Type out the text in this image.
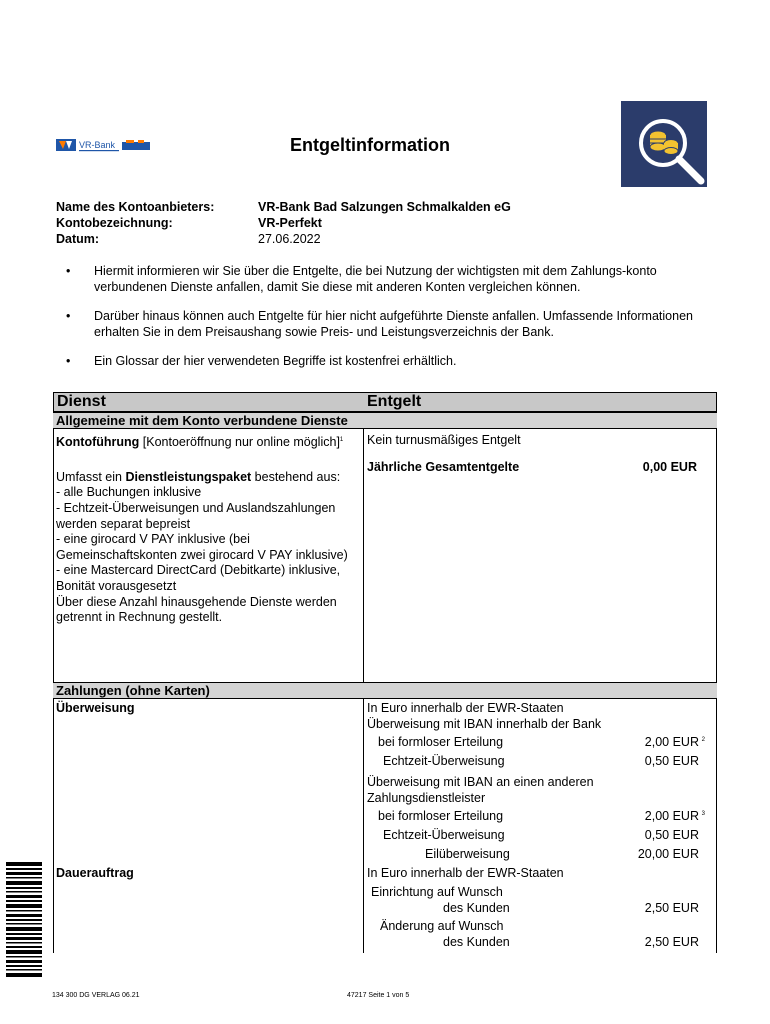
VR-Bank	Entgeltinformation
Name des Kontoanbieters:	VR-Bank Bad Salzungen Schmalkalden eG
Kontobezeichnung:	VR-Perfekt
Datum:	27.06.2022
•	Hiermit informieren wir Sie über die Entgelte, die bei Nutzung der wichtigsten mit dem Zahlungs-konto verbundenen Dienste anfallen, damit Sie diese mit anderen Konten vergleichen können.
•	Darüber hinaus können auch Entgelte für hier nicht aufgeführte Dienste anfallen. Umfassende Informationen erhalten Sie in dem Preisaushang sowie Preis- und Leistungsverzeichnis der Bank.
•	Ein Glossar der hier verwendeten Begriffe ist kostenfrei erhältlich.
Dienst	Entgelt
Allgemeine mit dem Konto verbundene Dienste
Kontoführung [Kontoeröffnung nur online möglich]$^1$
Umfasst ein Dienstleistungspaket bestehend aus:
- alle Buchungen inklusive
- Echtzeit-Überweisungen und Auslandszahlungen werden separat bepreist
- eine girocard V PAY inklusive (bei Gemeinschaftskonten zwei girocard V PAY inklusive)
- eine Mastercard DirectCard (Debitkarte) inklusive, Bonität vorausgesetzt
Über diese Anzahl hinausgehende Dienste werden getrennt in Rechnung gestellt.
Kein turnusmäßiges Entgelt
Jährliche Gesamtentgelte	0,00 EUR
Zahlungen (ohne Karten)
Überweisung	In Euro innerhalb der EWR-Staaten
Überweisung mit IBAN innerhalb der Bank
bei formloser Erteilung	2,00 EUR 2
Echtzeit-Überweisung	0,50 EUR
Überweisung mit IBAN an einen anderen Zahlungsdienstleister
bei formloser Erteilung	2,00 EUR 3
Echtzeit-Überweisung	0,50 EUR
Eilüberweisung	20,00 EUR
Dauerauftrag	In Euro innerhalb der EWR-Staaten
Einrichtung auf Wunsch
des Kunden	2,50 EUR
Änderung auf Wunsch
des Kunden	2,50 EUR
134 300 DG VERLAG 06.21	47217 Seite 1 von 5
